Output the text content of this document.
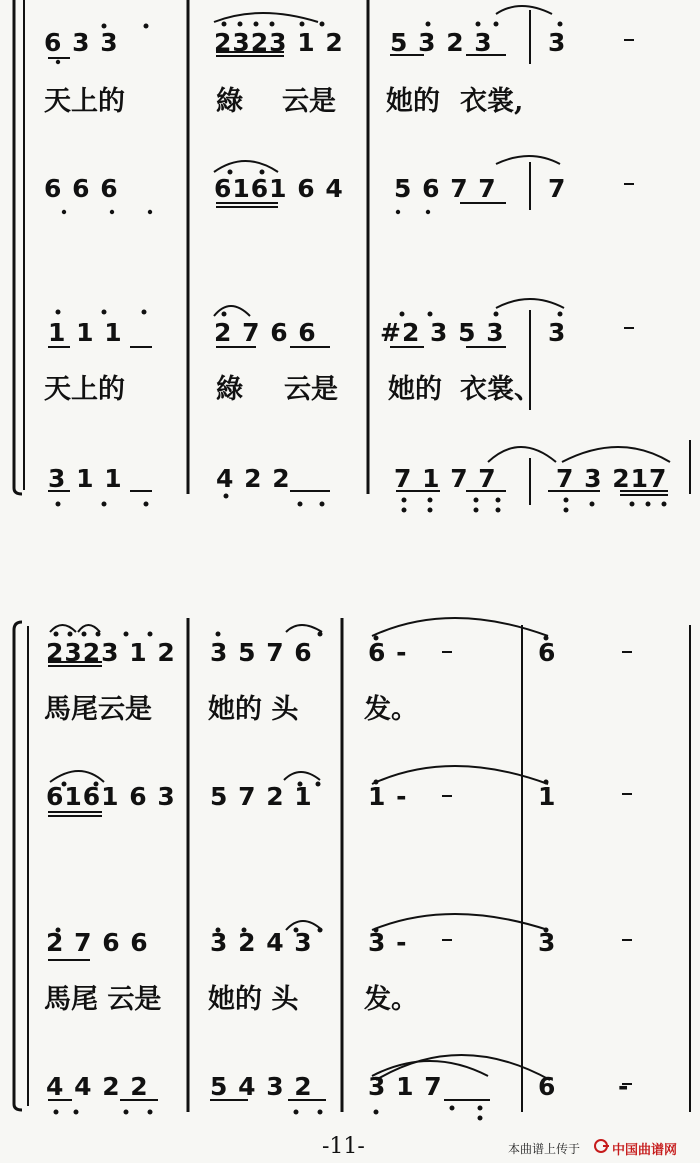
6 3 3	2323 1 2 5 3 2 3 3
天上的	綠 云是 她的 衣裳,
6 6 6	6161 6 4 5 6 7 7 7
1 1 1	2 7 6 6	#2 3 5 3 3
天上的	綠 云是 她的 衣裳、
3 1 1	4 2 2	7 1 7 7 7 3 217
2323 1 2 3 5 7 6 6 -	6
馬尾云是 她的 头 发。
6161 6 3 5 7 2 1 1 -	1
2 7 6 6 3 2 4 3 3 -	3
馬尾 云是 她的 头 发。
4 4 2 2 5 4 3 2 3 1 7	6 -
-11-	本曲谱上传于 中国曲谱网
